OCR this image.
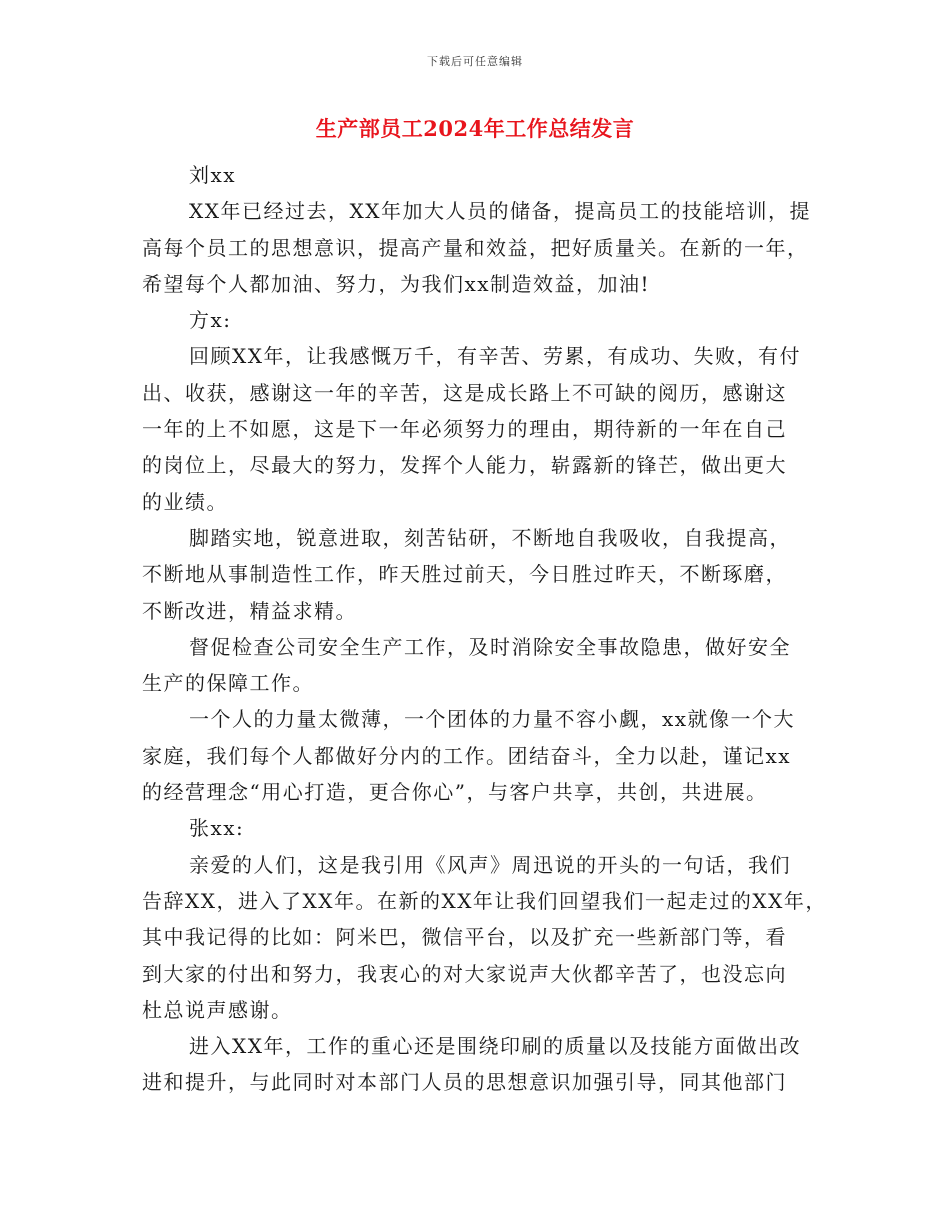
下载后可任意编辑
生产部员工2024年工作总结发言

刘xx

XX年已经过去，XX年加大人员的储备，提高员工的技能培训，提
高每个员工的思想意识，提高产量和效益，把好质量关。在新的一年，
希望每个人都加油、努力，为我们xx制造效益，加油!

方x:

回顾XX年，让我感慨万千，有辛苦、劳累，有成功、失败，有付
出、收获，感谢这一年的辛苦，这是成长路上不可缺的阅历，感谢这
一年的上不如愿，这是下一年必须努力的理由，期待新的一年在自己
的岗位上，尽最大的努力，发挥个人能力，崭露新的锋芒，做出更大
的业绩。

脚踏实地，锐意进取，刻苦钻研，不断地自我吸收，自我提高，
不断地从事制造性工作，昨天胜过前天，今日胜过昨天，不断琢磨，
不断改进，精益求精。

督促检查公司安全生产工作，及时消除安全事故隐患，做好安全
生产的保障工作。

一个人的力量太微薄，一个团体的力量不容小觑，xx就像一个大
家庭，我们每个人都做好分内的工作。团结奋斗，全力以赴，谨记xx
的经营理念“用心打造，更合你心”，与客户共享，共创，共进展。

张xx:

亲爱的人们，这是我引用《风声》周迅说的开头的一句话，我们
告辞XX，进入了XX年。在新的XX年让我们回望我们一起走过的XX年，
其中我记得的比如：阿米巴，微信平台，以及扩充一些新部门等，看
到大家的付出和努力，我衷心的对大家说声大伙都辛苦了，也没忘向
杜总说声感谢。

进入XX年，工作的重心还是围绕印刷的质量以及技能方面做出改
进和提升，与此同时对本部门人员的思想意识加强引导，同其他部门
